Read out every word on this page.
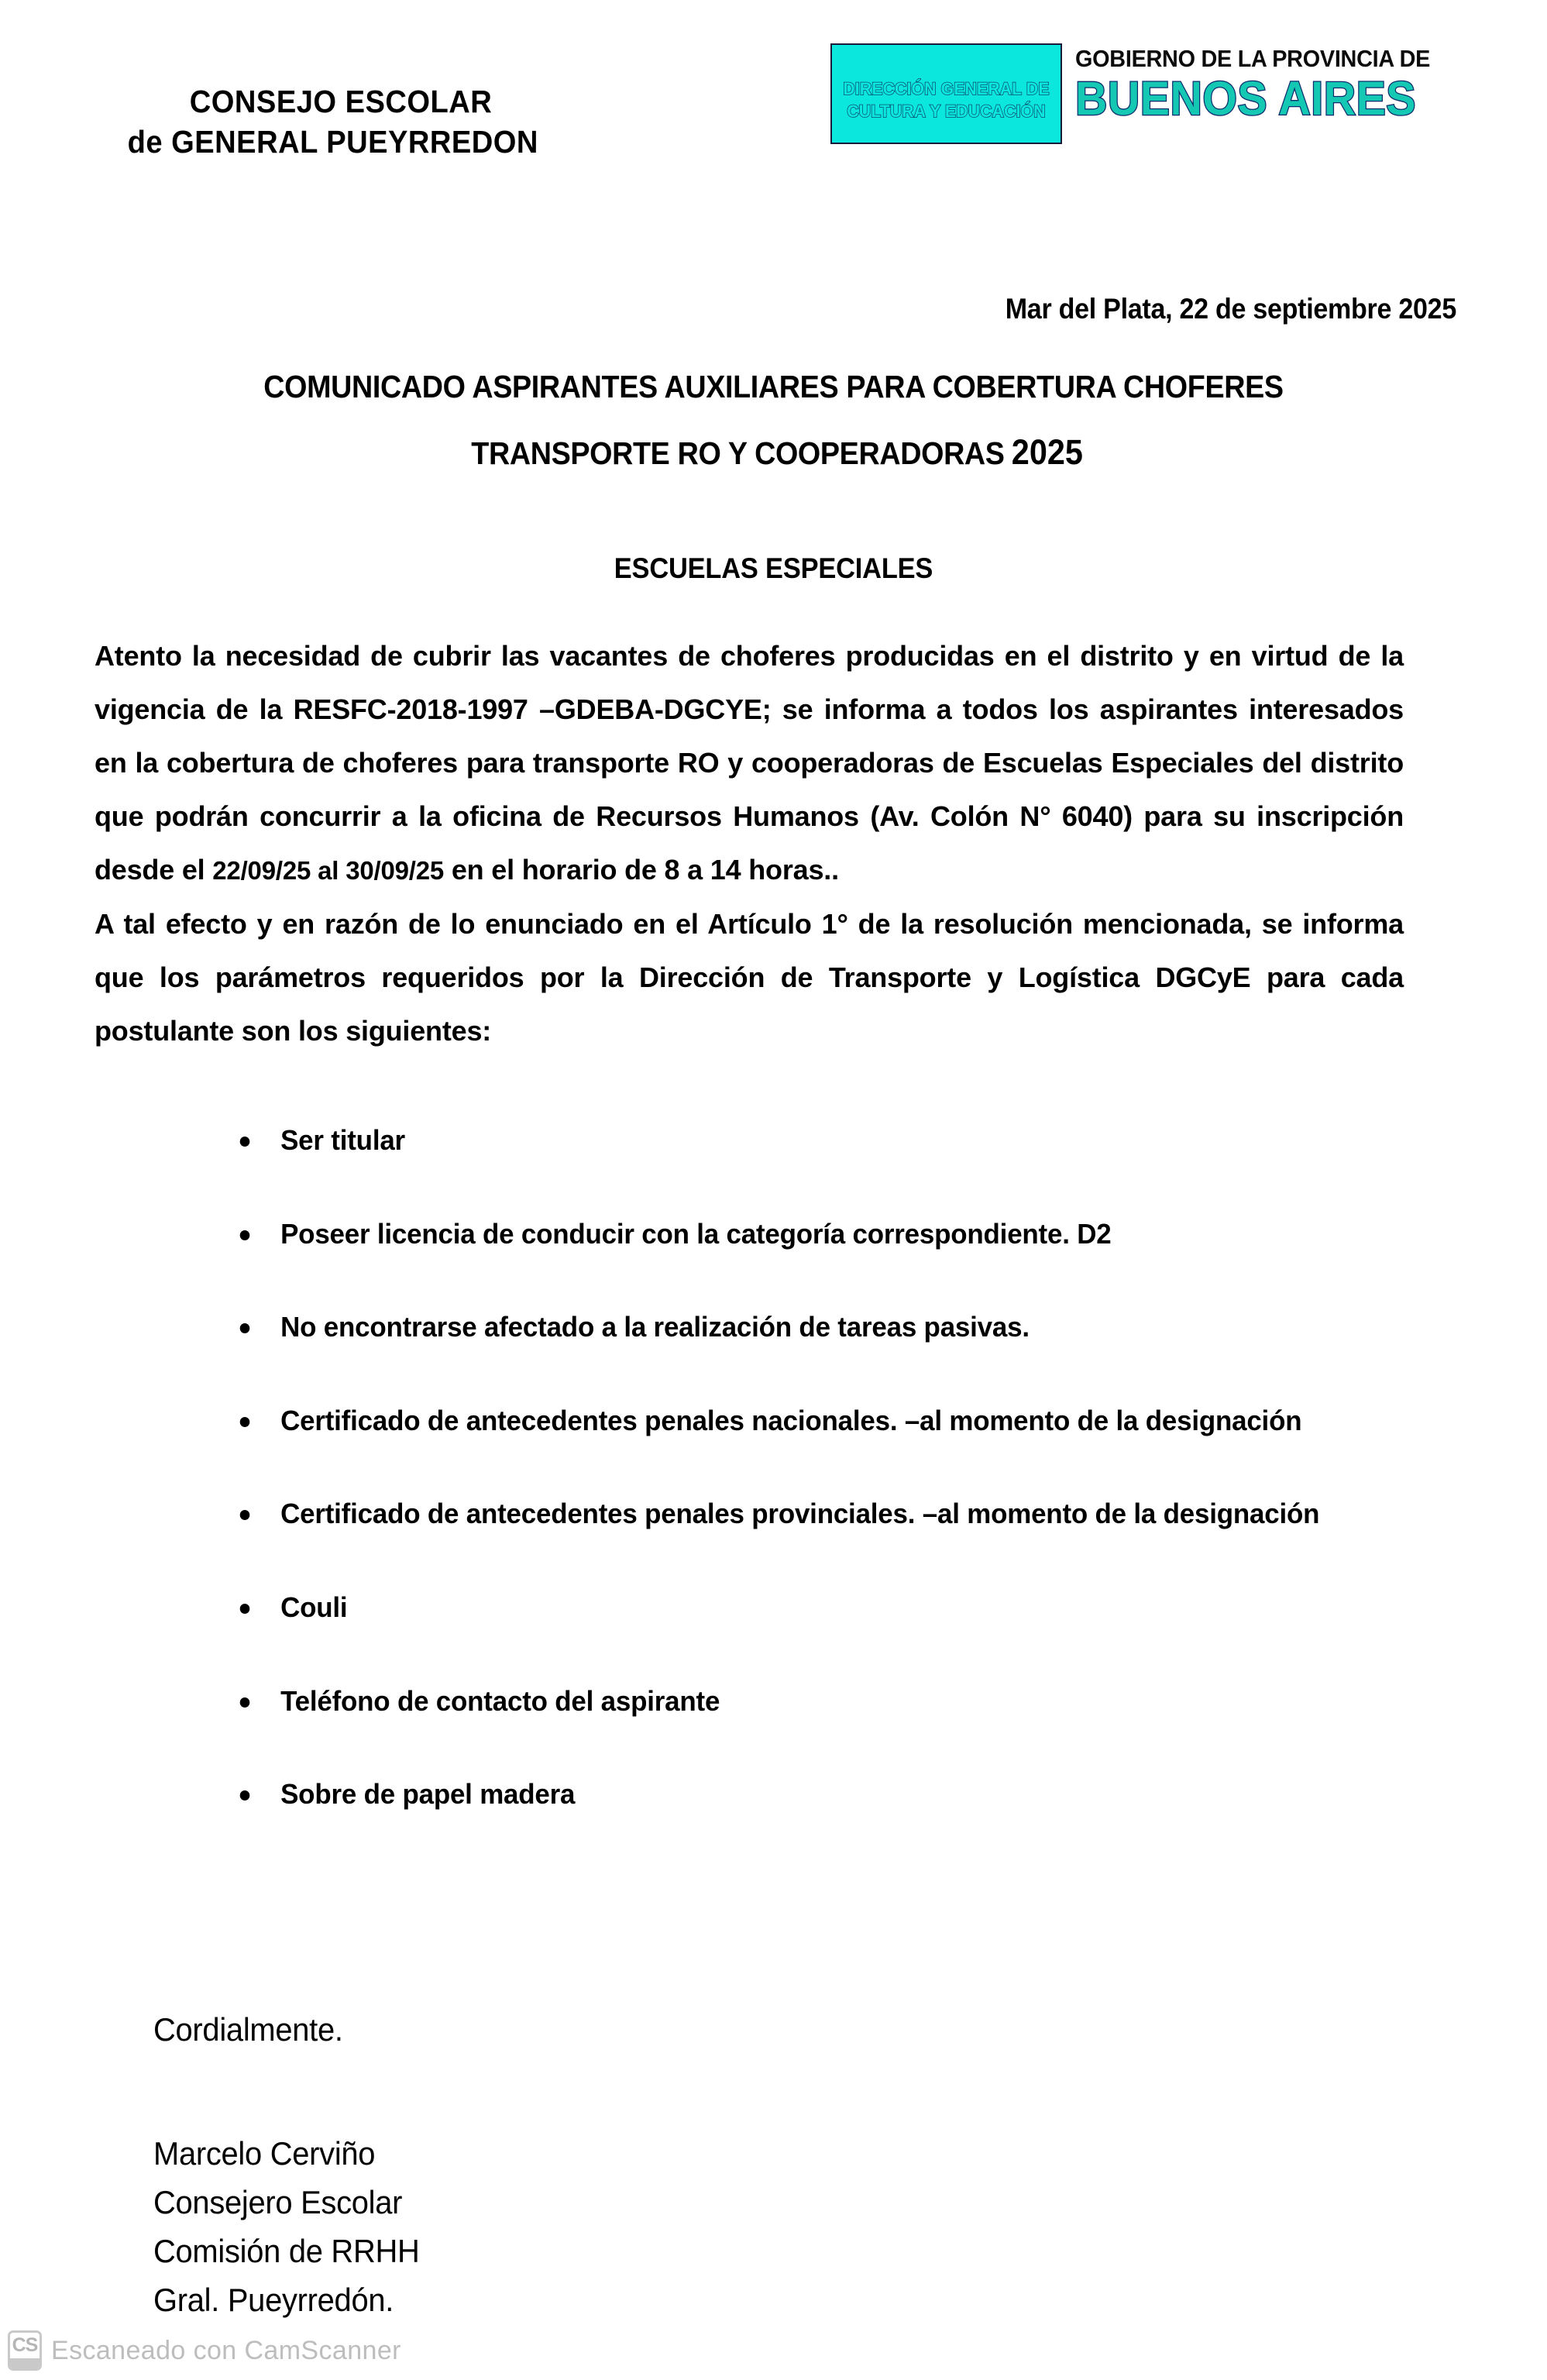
CONSEJO ESCOLAR
de GENERAL PUEYRREDON
DIRECCIÓN GENERAL DE
CULTURA Y EDUCACIÓN
GOBIERNO DE LA PROVINCIA DE
BUENOS AIRES
Mar del Plata, 22 de septiembre 2025
COMUNICADO ASPIRANTES AUXILIARES PARA COBERTURA CHOFERES
TRANSPORTE RO Y COOPERADORAS 2025
ESCUELAS ESPECIALES

Atento la necesidad de cubrir las vacantes de choferes producidas en el distrito y en virtud de la vigencia de la RESFC-2018-1997 –GDEBA-DGCYE; se informa a todos los aspirantes interesados en la cobertura de choferes para transporte RO y cooperadoras de Escuelas Especiales del distrito que podrán concurrir a la oficina de Recursos Humanos (Av. Colón N° 6040) para su inscripción desde el 22/09/25 al 30/09/25 en el horario de 8 a 14 horas..

A tal efecto y en razón de lo enunciado en el Artículo 1° de la resolución mencionada, se informa que los parámetros requeridos por la Dirección de Transporte y Logística DGCyE para cada postulante son los siguientes:

Ser titular
Poseer licencia de conducir con la categoría correspondiente. D2
No encontrarse afectado a la realización de tareas pasivas.
Certificado de antecedentes penales nacionales. –al momento de la designación
Certificado de antecedentes penales provinciales. –al momento de la designación
Couli
Teléfono de contacto del aspirante
Sobre de papel madera
Cordialmente.
Marcelo Cerviño
Consejero Escolar
Comisión de RRHH
Gral. Pueyrredón.
CS Escaneado con CamScanner
